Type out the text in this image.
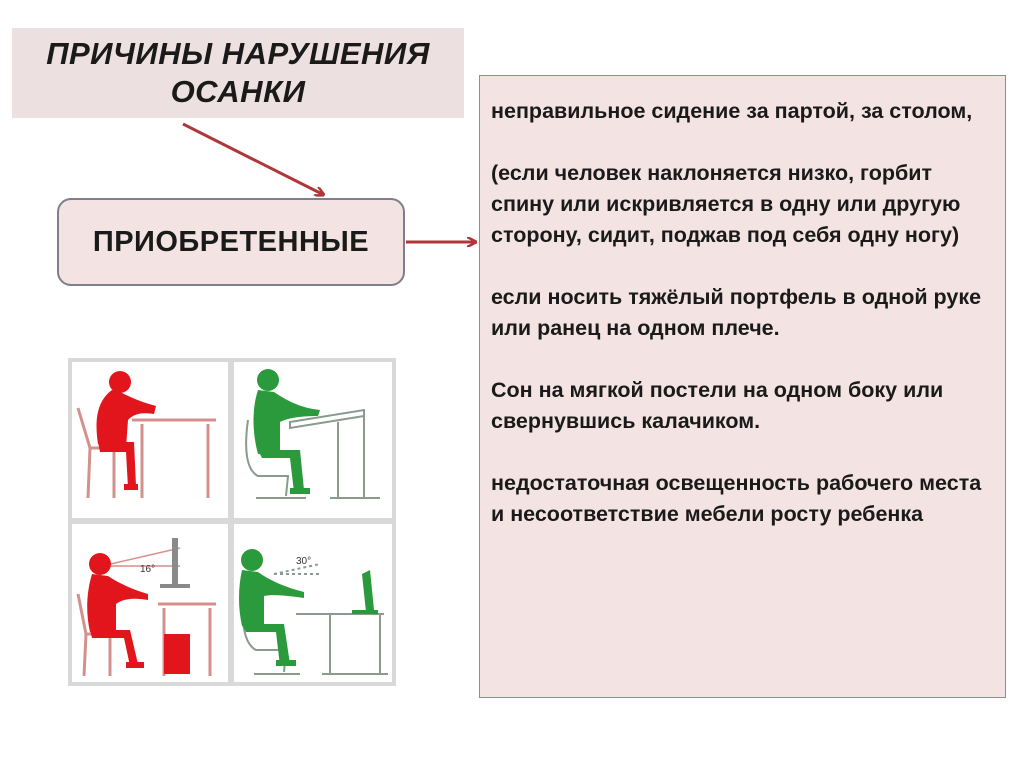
ПРИЧИНЫ НАРУШЕНИЯ
ОСАНКИ
ПРИОБРЕТЕННЫЕ

неправильное сидение за партой, за столом,

(если человек наклоняется низко, горбит спину или искривляется в одну или другую сторону, сидит, поджав под себя одну ногу)

если носить тяжёлый портфель в одной руке или ранец на одном плече.

Сон на мягкой постели на одном боку или свернувшись калачиком.

недостаточная освещенность рабочего места и несоответствие мебели росту ребенка

16°
30°
